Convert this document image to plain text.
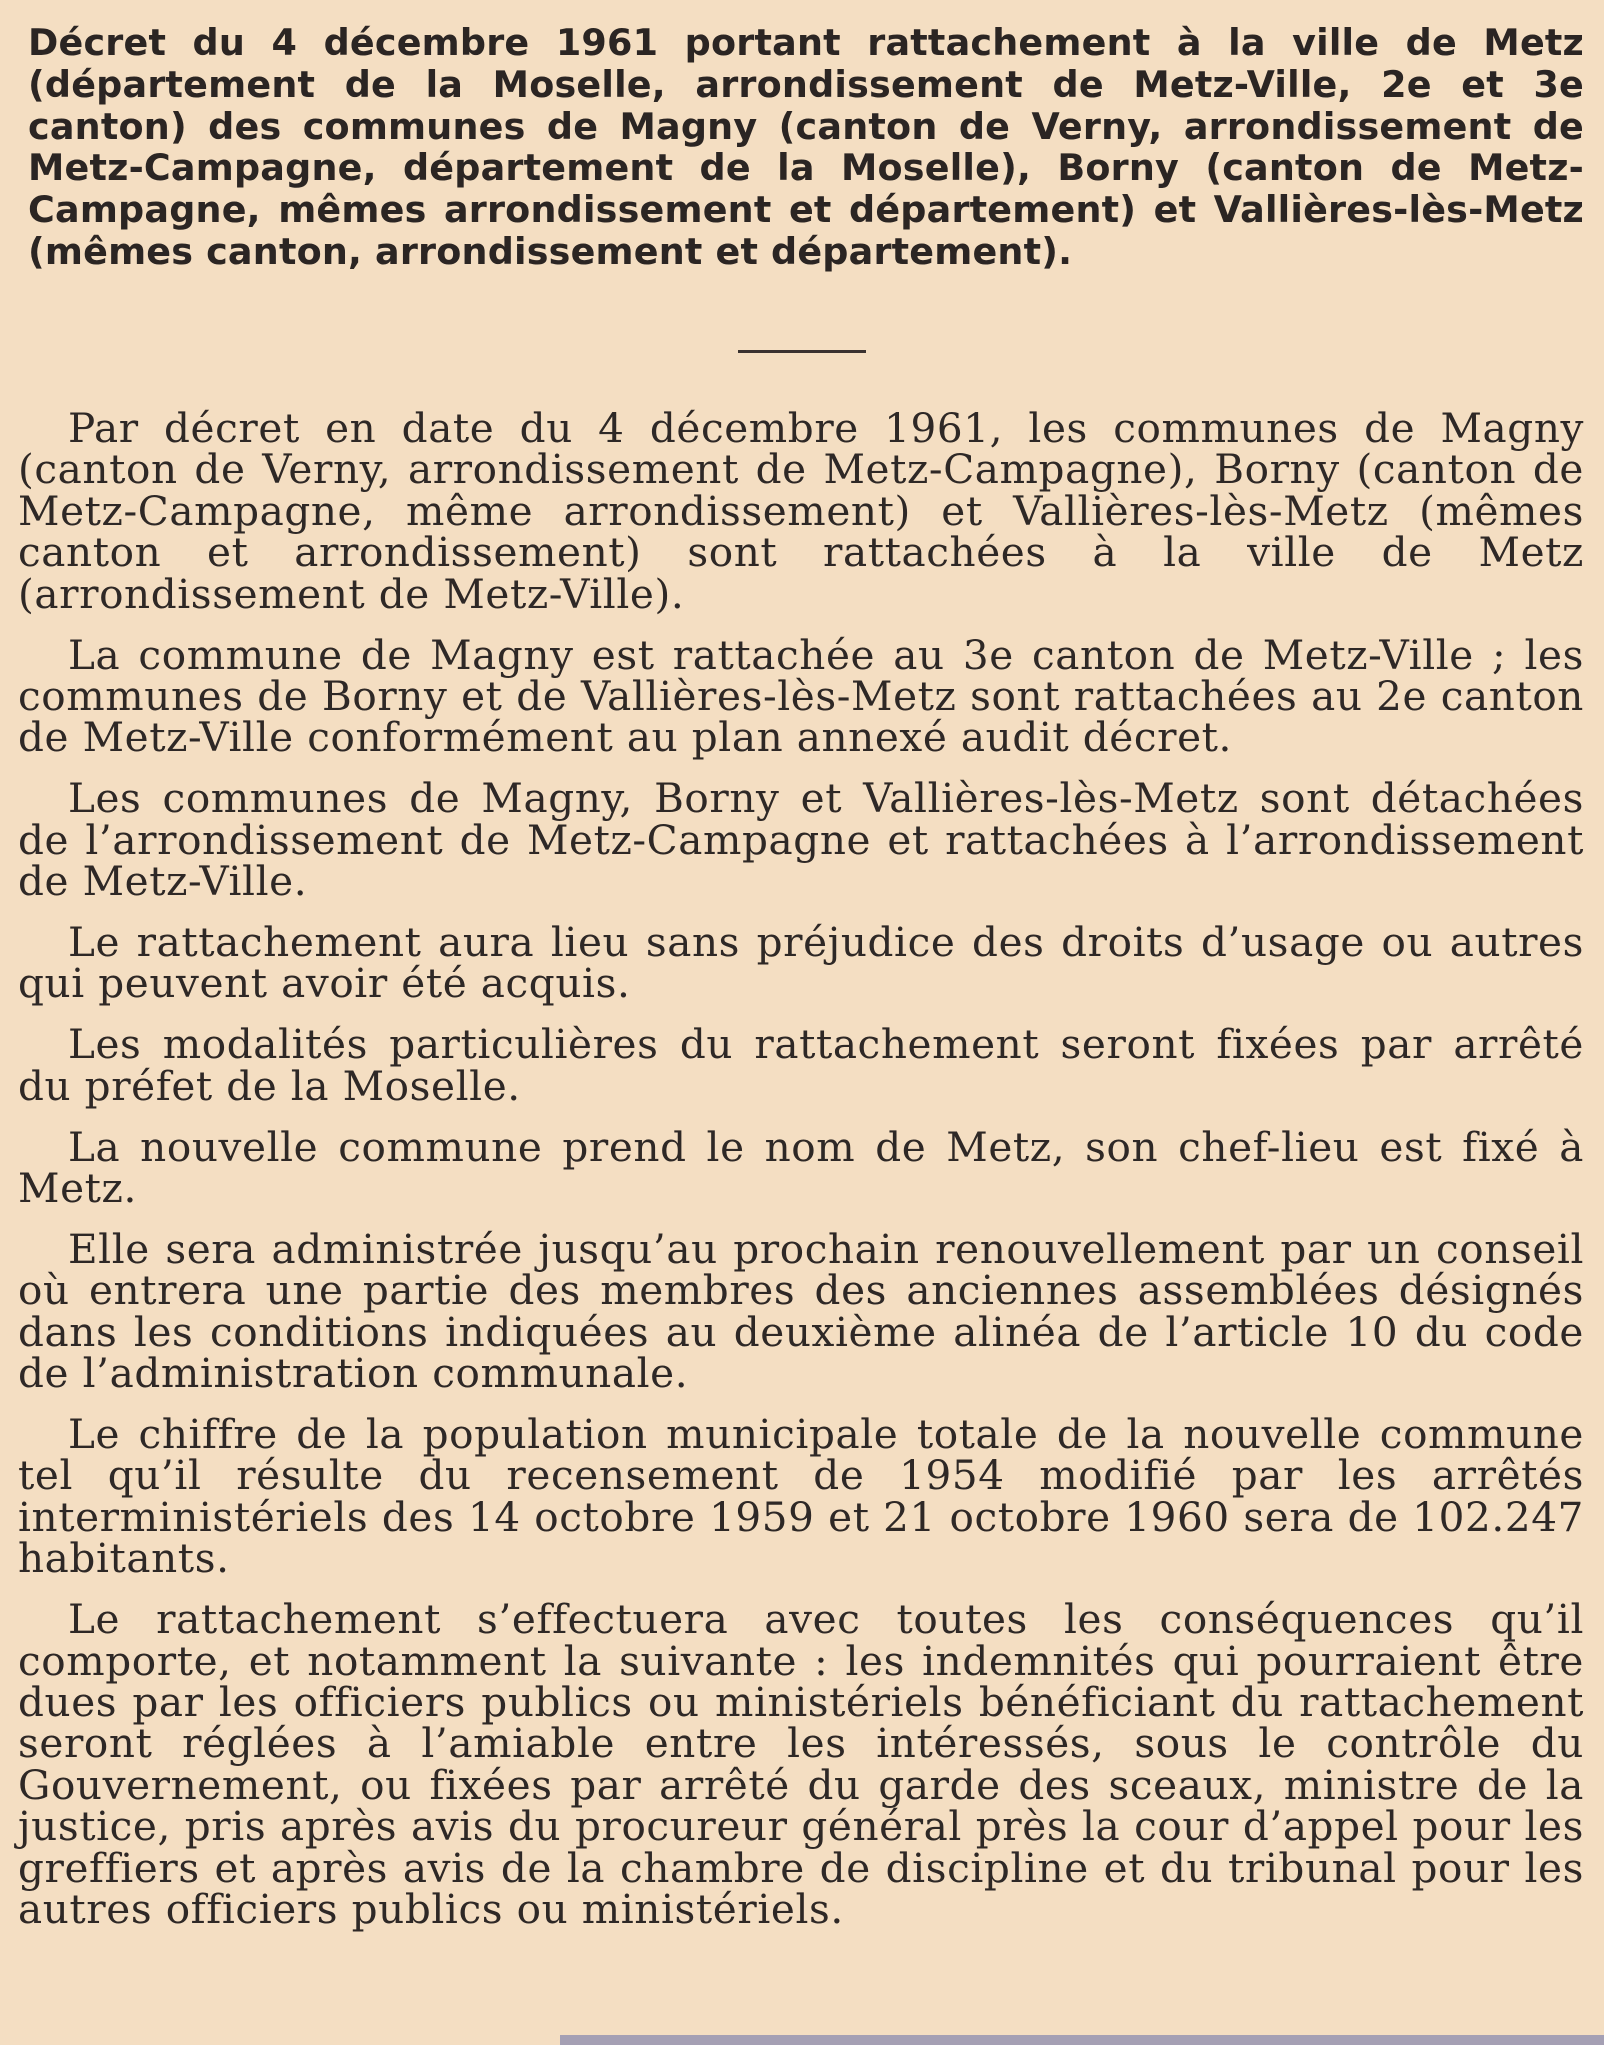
Décret du 4 décembre 1961 portant rattachement à la ville de Metz (département de la Moselle, arrondissement de Metz-Ville, 2e et 3e canton) des communes de Magny (canton de Verny, arrondissement de Metz-Campagne, département de la Moselle), Borny (canton de Metz-Campagne, mêmes arrondissement et département) et Vallières-lès-Metz (mêmes canton, arrondissement et département).

Par décret en date du 4 décembre 1961, les communes de Magny (canton de Verny, arrondissement de Metz-Campagne), Borny (canton de Metz-Campagne, même arrondissement) et Vallières-lès-Metz (mêmes canton et arrondissement) sont rattachées à la ville de Metz (arrondissement de Metz-Ville).

La commune de Magny est rattachée au 3e canton de Metz-Ville ; les communes de Borny et de Vallières-lès-Metz sont rattachées au 2e canton de Metz-Ville conformément au plan annexé audit décret.

Les communes de Magny, Borny et Vallières-lès-Metz sont détachées de l’arrondissement de Metz-Campagne et rattachées à l’arrondissement de Metz-Ville.

Le rattachement aura lieu sans préjudice des droits d’usage ou autres qui peuvent avoir été acquis.

Les modalités particulières du rattachement seront fixées par arrêté du préfet de la Moselle.

La nouvelle commune prend le nom de Metz, son chef-lieu est fixé à Metz.

Elle sera administrée jusqu’au prochain renouvellement par un conseil où entrera une partie des membres des anciennes assemblées désignés dans les conditions indiquées au deuxième alinéa de l’article 10 du code de l’administration communale.

Le chiffre de la population municipale totale de la nouvelle commune tel qu’il résulte du recensement de 1954 modifié par les arrêtés interministériels des 14 octobre 1959 et 21 octobre 1960 sera de 102.247 habitants.

Le rattachement s’effectuera avec toutes les conséquences qu’il comporte, et notamment la suivante : les indemnités qui pourraient être dues par les officiers publics ou ministériels bénéficiant du rattachement seront réglées à l’amiable entre les intéressés, sous le contrôle du Gouvernement, ou fixées par arrêté du garde des sceaux, ministre de la justice, pris après avis du procureur général près la cour d’appel pour les greffiers et après avis de la chambre de discipline et du tribunal pour les autres officiers publics ou ministériels.
